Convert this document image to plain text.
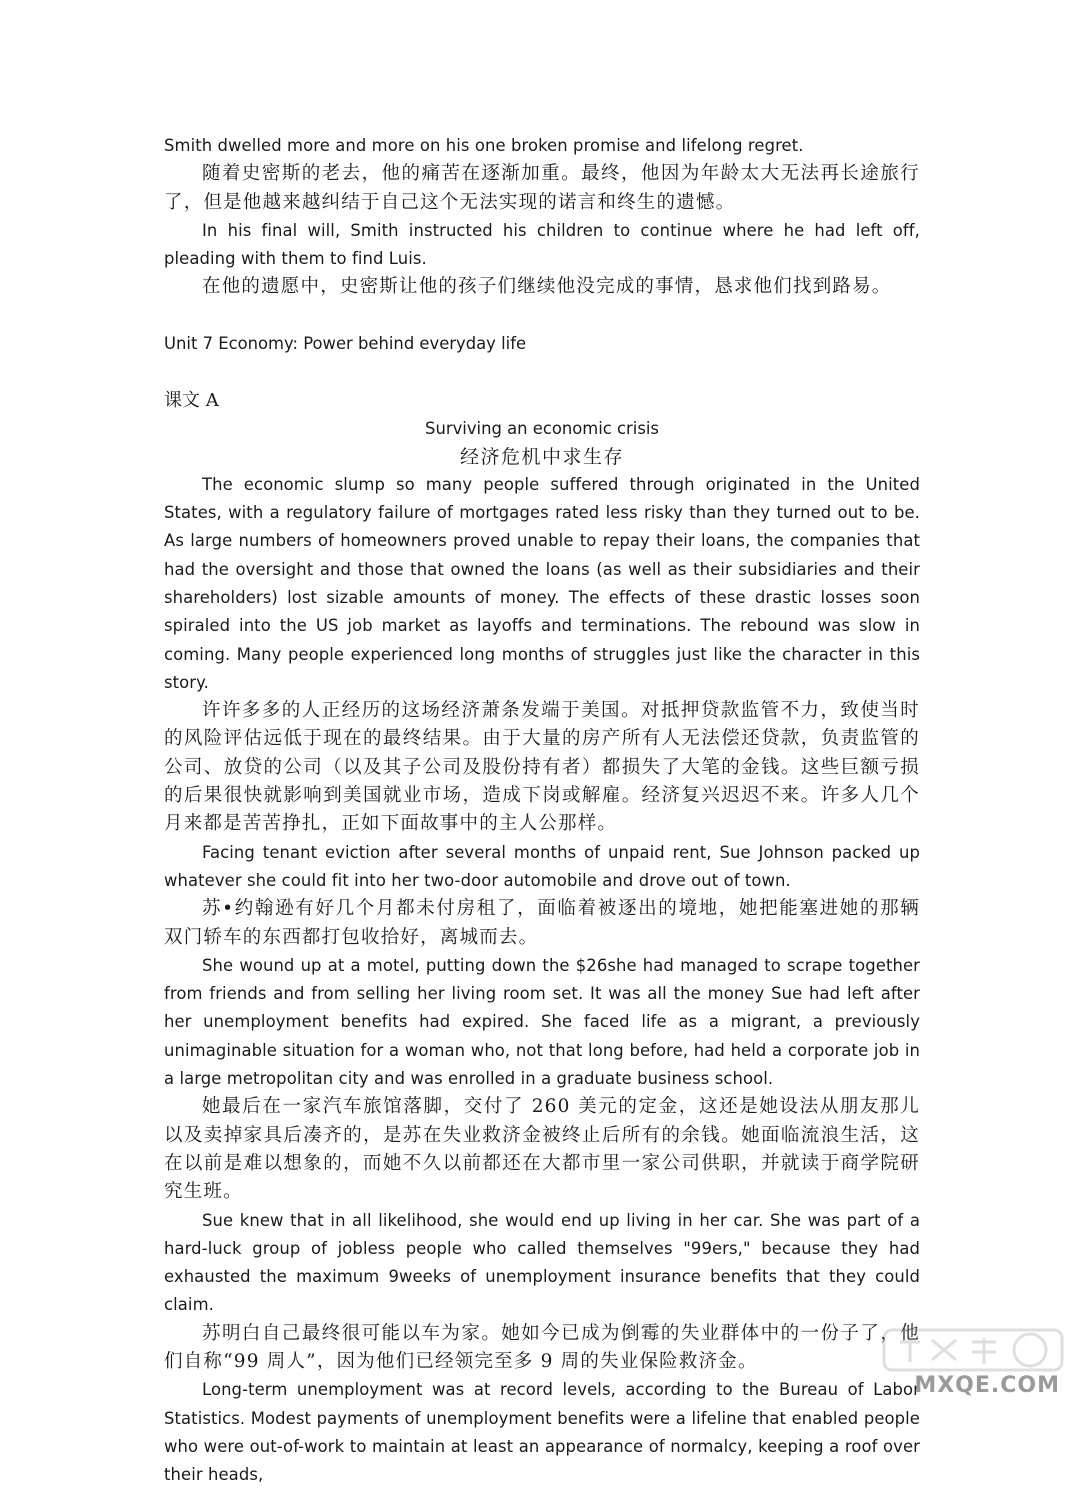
Smith dwelled more and more on his one broken promise and lifelong regret.

随着史密斯的老去，他的痛苦在逐渐加重。最终，他因为年龄太大无法再长途旅行了，但是他越来越纠结于自己这个无法实现的诺言和终生的遗憾。

In his final will, Smith instructed his children to continue where he had left off, pleading with them to find Luis.

在他的遗愿中，史密斯让他的孩子们继续他没完成的事情，恳求他们找到路易。

Unit 7 Economy: Power behind everyday life

课文 A

Surviving an economic crisis

经济危机中求生存

The economic slump so many people suffered through originated in the United States, with a regulatory failure of mortgages rated less risky than they turned out to be. As large numbers of homeowners proved unable to repay their loans, the companies that had the oversight and those that owned the loans (as well as their subsidiaries and their shareholders) lost sizable amounts of money. The effects of these drastic losses soon spiraled into the US job market as layoffs and terminations. The rebound was slow in coming. Many people experienced long months of struggles just like the character in this story.

许许多多的人正经历的这场经济萧条发端于美国。对抵押贷款监管不力，致使当时的风险评估远低于现在的最终结果。由于大量的房产所有人无法偿还贷款，负责监管的公司、放贷的公司（以及其子公司及股份持有者）都损失了大笔的金钱。这些巨额亏损的后果很快就影响到美国就业市场，造成下岗或解雇。经济复兴迟迟不来。许多人几个月来都是苦苦挣扎，正如下面故事中的主人公那样。

Facing tenant eviction after several months of unpaid rent, Sue Johnson packed up whatever she could fit into her two-door automobile and drove out of town.

苏•约翰逊有好几个月都未付房租了，面临着被逐出的境地，她把能塞进她的那辆双门轿车的东西都打包收拾好，离城而去。

She wound up at a motel, putting down the $26she had managed to scrape together from friends and from selling her living room set. It was all the money Sue had left after her unemployment benefits had expired. She faced life as a migrant, a previously unimaginable situation for a woman who, not that long before, had held a corporate job in a large metropolitan city and was enrolled in a graduate business school.

她最后在一家汽车旅馆落脚，交付了 260 美元的定金，这还是她设法从朋友那儿以及卖掉家具后凑齐的，是苏在失业救济金被终止后所有的余钱。她面临流浪生活，这在以前是难以想象的，而她不久以前都还在大都市里一家公司供职，并就读于商学院研究生班。

Sue knew that in all likelihood, she would end up living in her car. She was part of a hard-luck group of jobless people who called themselves "99ers," because they had exhausted the maximum 9weeks of unemployment insurance benefits that they could claim.

苏明白自己最终很可能以车为家。她如今已成为倒霉的失业群体中的一份子了，他们自称“99 周人”，因为他们已经领完至多 9 周的失业保险救济金。

Long-term unemployment was at record levels, according to the Bureau of Labor Statistics. Modest payments of unemployment benefits were a lifeline that enabled people who were out-of-work to maintain at least an appearance of normalcy, keeping a roof over their heads,

MXQE.COM
